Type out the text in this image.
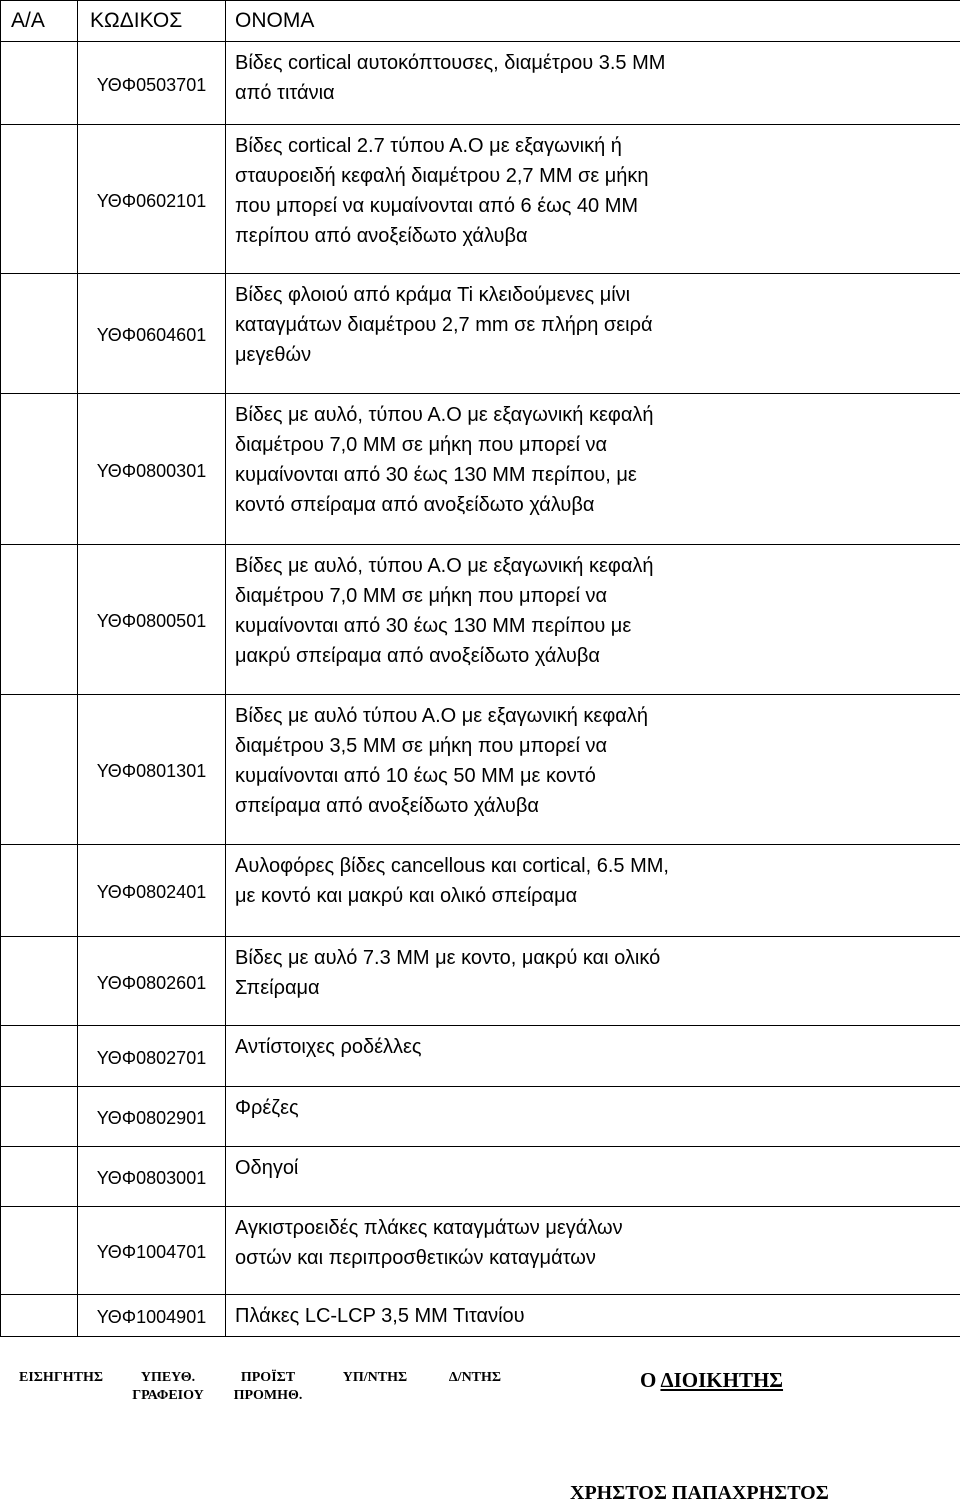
Α/Α	ΚΩΔΙΚΟΣ	ΟΝΟΜΑ
	ΥΘΦ0503701	Βίδες cortical αυτοκόπτουσες, διαμέτρου 3.5 ΜΜ
από τιτάνια

	ΥΘΦ0602101	Βίδες cortical 2.7 τύπου Α.Ο με εξαγωνική ή
σταυροειδή κεφαλή διαμέτρου 2,7 ΜΜ σε μήκη
που μπορεί να κυμαίνονται από 6 έως 40 ΜΜ
περίπου από ανοξείδωτο χάλυβα

	ΥΘΦ0604601	Βίδες φλοιού από κράμα Ti κλειδούμενες μίνι
καταγμάτων διαμέτρου 2,7 mm σε πλήρη σειρά
μεγεθών

	ΥΘΦ0800301	Βίδες με αυλό, τύπου Α.Ο με εξαγωνική κεφαλή
διαμέτρου 7,0 ΜΜ σε μήκη που μπορεί να
κυμαίνονται από 30 έως 130 ΜΜ περίπου, με
κοντό σπείραμα από ανοξείδωτο χάλυβα

	ΥΘΦ0800501	Βίδες με αυλό, τύπου Α.Ο με εξαγωνική κεφαλή
διαμέτρου 7,0 ΜΜ σε μήκη που μπορεί να
κυμαίνονται από 30 έως 130 ΜΜ περίπου με
μακρύ σπείραμα από ανοξείδωτο χάλυβα

	ΥΘΦ0801301	Βίδες με αυλό τύπου Α.Ο με εξαγωνική κεφαλή
διαμέτρου 3,5 ΜΜ σε μήκη που μπορεί να
κυμαίνονται από 10 έως 50 ΜΜ με κοντό
σπείραμα από ανοξείδωτο χάλυβα

	ΥΘΦ0802401	Αυλοφόρες βίδες cancellous και cortical, 6.5 ΜΜ,
με κοντό και μακρύ και ολικό σπείραμα

	ΥΘΦ0802601	Βίδες με αυλό 7.3 ΜΜ με κοντο, μακρύ και ολικό
Σπείραμα

	ΥΘΦ0802701	Αντίστοιχες ροδέλλες

	ΥΘΦ0802901	Φρέζες

	ΥΘΦ0803001	Οδηγοί

	ΥΘΦ1004701	Αγκιστροειδές πλάκες καταγμάτων μεγάλων
οστών και περιπροσθετικών καταγμάτων

	ΥΘΦ1004901	Πλάκες LC-LCP 3,5 ΜΜ Τιτανίου
ΕΙΣΗΓΗΤΗΣ	ΥΠΕΥΘ.
ΓΡΑΦΕΙΟΥ
ΠΡΟΪΣΤ
ΠΡΟΜΗΘ.
ΥΠ/ΝΤΗΣ	Δ/ΝΤΗΣ	Ο ΔΙΟΙΚΗΤΗΣ
ΧΡΗΣΤΟΣ ΠΑΠΑΧΡΗΣΤΟΣ
